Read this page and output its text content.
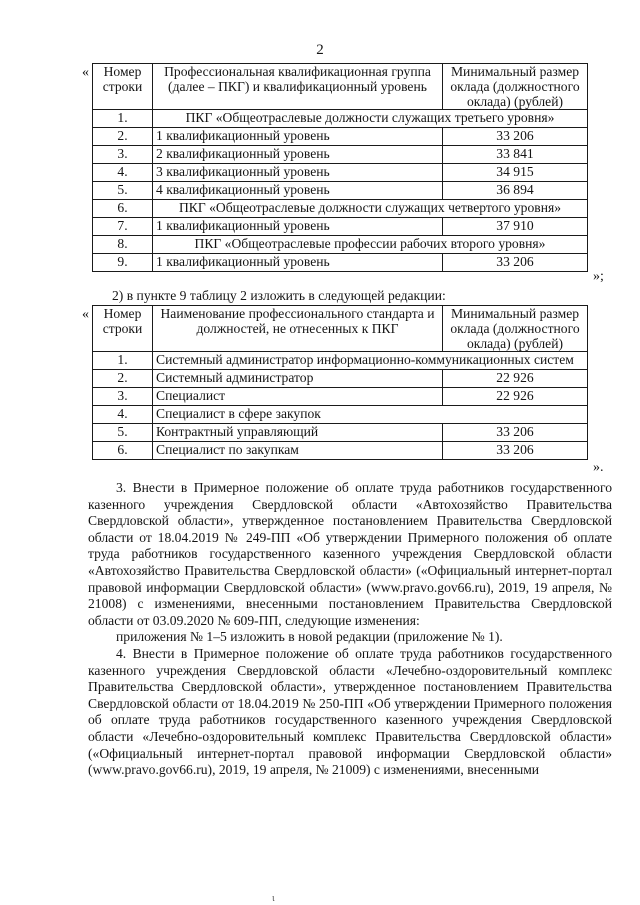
2
« Номер строки	Профессиональная квалификационная группа (далее – ПКГ) и квалификационный уровень	Минимальный размер оклада (должностного оклада) (рублей)
1.	ПКГ «Общеотраслевые должности служащих третьего уровня»	
2.	1 квалификационный уровень	33 206
3.	2 квалификационный уровень	33 841
4.	3 квалификационный уровень	34 915
5.	4 квалификационный уровень	36 894
6.	ПКГ «Общеотраслевые должности служащих четвертого уровня»	
7.	1 квалификационный уровень	37 910
8.	ПКГ «Общеотраслевые профессии рабочих второго уровня»	
9.	1 квалификационный уровень	33 206
»;
2) в пункте 9 таблицу 2 изложить в следующей редакции:
« Номер строки	Наименование профессионального стандарта и должностей, не отнесенных к ПКГ	Минимальный размер оклада (должностного оклада) (рублей)
1.	Системный администратор информационно-коммуникационных систем	
2.	Системный администратор	22 926
3.	Специалист	22 926
4.	Специалист в сфере закупок	
5.	Контрактный управляющий	33 206
6.	Специалист по закупкам	33 206
».

3. Внести в Примерное положение об оплате труда работников государственного казенного учреждения Свердловской области «Автохозяйство Правительства Свердловской области», утвержденное постановлением Правительства Свердловской области от 18.04.2019 № 249-ПП «Об утверждении Примерного положения об оплате труда работников государственного казенного учреждения Свердловской области «Автохозяйство Правительства Свердловской области» («Официальный интернет-портал правовой информации Свердловской области» (www.pravo.gov66.ru), 2019, 19 апреля, № 21008) с изменениями, внесенными постановлением Правительства Свердловской области от 03.09.2020 № 609-ПП, следующие изменения:

приложения № 1–5 изложить в новой редакции (приложение № 1).

4. Внести в Примерное положение об оплате труда работников государственного казенного учреждения Свердловской области «Лечебно-оздоровительный комплекс Правительства Свердловской области», утвержденное постановлением Правительства Свердловской области от 18.04.2019 № 250-ПП «Об утверждении Примерного положения об оплате труда работников государственного казенного учреждения Свердловской области «Лечебно-оздоровительный комплекс Правительства Свердловской области» («Официальный интернет-портал правовой информации Свердловской области» (www.pravo.gov66.ru), 2019, 19 апреля, № 21009) с изменениями, внесенными

ι
